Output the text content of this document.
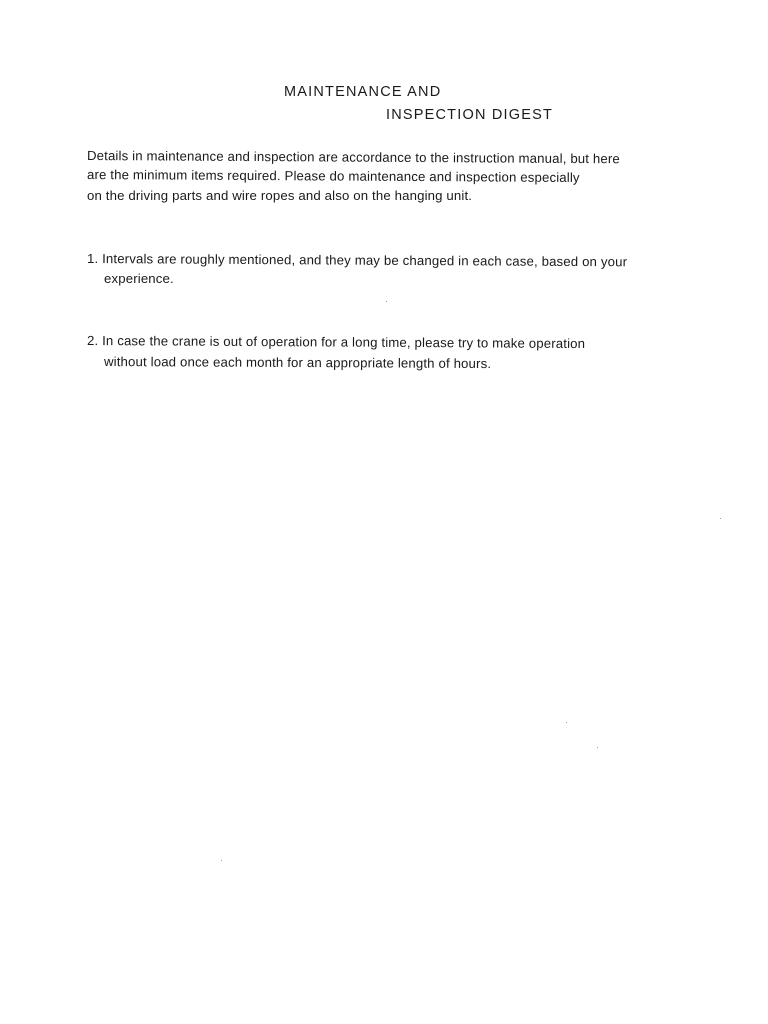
MAINTENANCE AND
INSPECTION DIGEST
Details in maintenance and inspection are accordance to the instruction manual, but here
are the minimum items required. Please do maintenance and inspection especially
on the driving parts and wire ropes and also on the hanging unit.
1. Intervals are roughly mentioned, and they may be changed in each case, based on your
experience.
2. In case the crane is out of operation for a long time, please try to make operation
without load once each month for an appropriate length of hours.
